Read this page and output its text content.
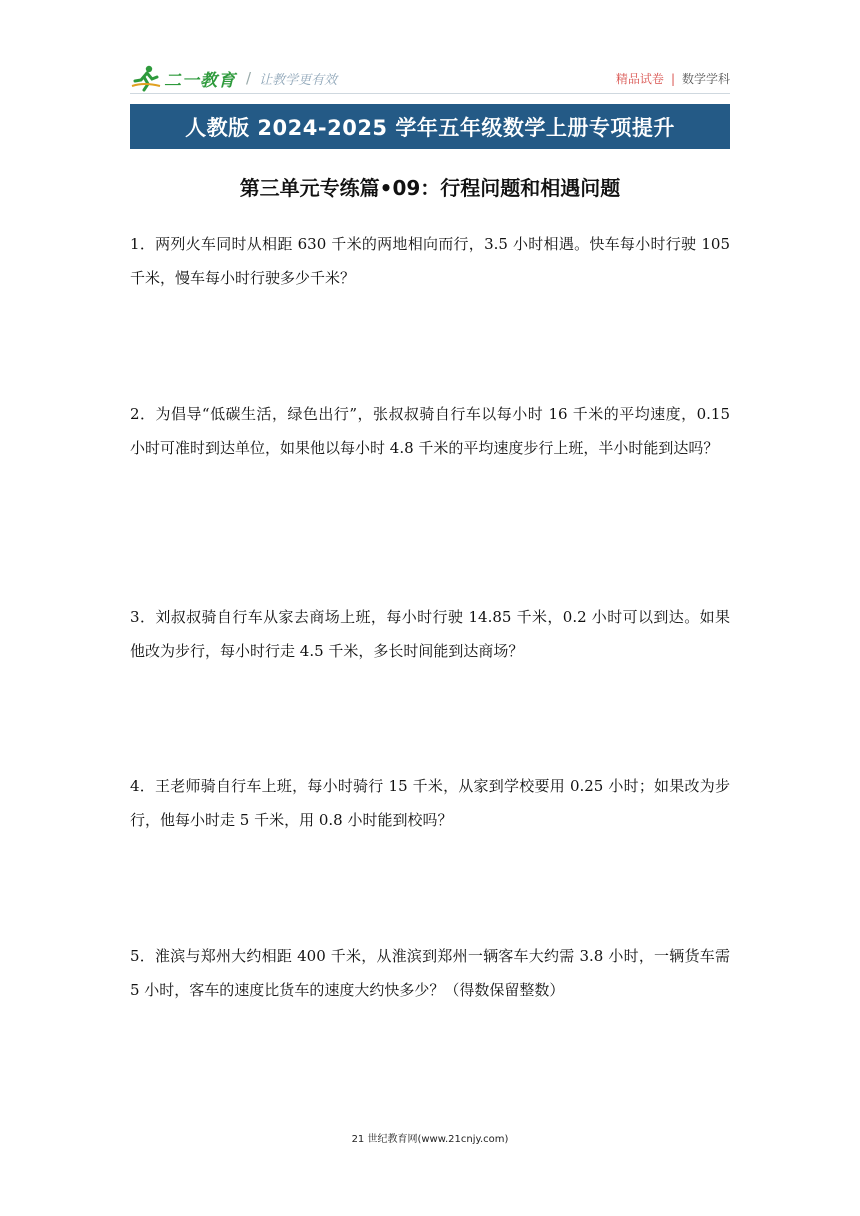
二一教育 / 让教学更有效	精品试卷 | 数学学科
人教版 2024-2025 学年五年级数学上册专项提升
第三单元专练篇•09：行程问题和相遇问题
1．两列火车同时从相距 630 千米的两地相向而行，3.5 小时相遇。快车每小时行驶 105 千米，慢车每小时行驶多少千米？
2．为倡导“低碳生活，绿色出行”，张叔叔骑自行车以每小时 16 千米的平均速度，0.15 小时可准时到达单位，如果他以每小时 4.8 千米的平均速度步行上班，半小时能到达吗？
3．刘叔叔骑自行车从家去商场上班，每小时行驶 14.85 千米，0.2 小时可以到达。如果他改为步行，每小时行走 4.5 千米，多长时间能到达商场？
4．王老师骑自行车上班，每小时骑行 15 千米，从家到学校要用 0.25 小时；如果改为步行，他每小时走 5 千米，用 0.8 小时能到校吗？
5．淮滨与郑州大约相距 400 千米，从淮滨到郑州一辆客车大约需 3.8 小时，一辆货车需 5 小时，客车的速度比货车的速度大约快多少？（得数保留整数）
21 世纪教育网(www.21cnjy.com)
